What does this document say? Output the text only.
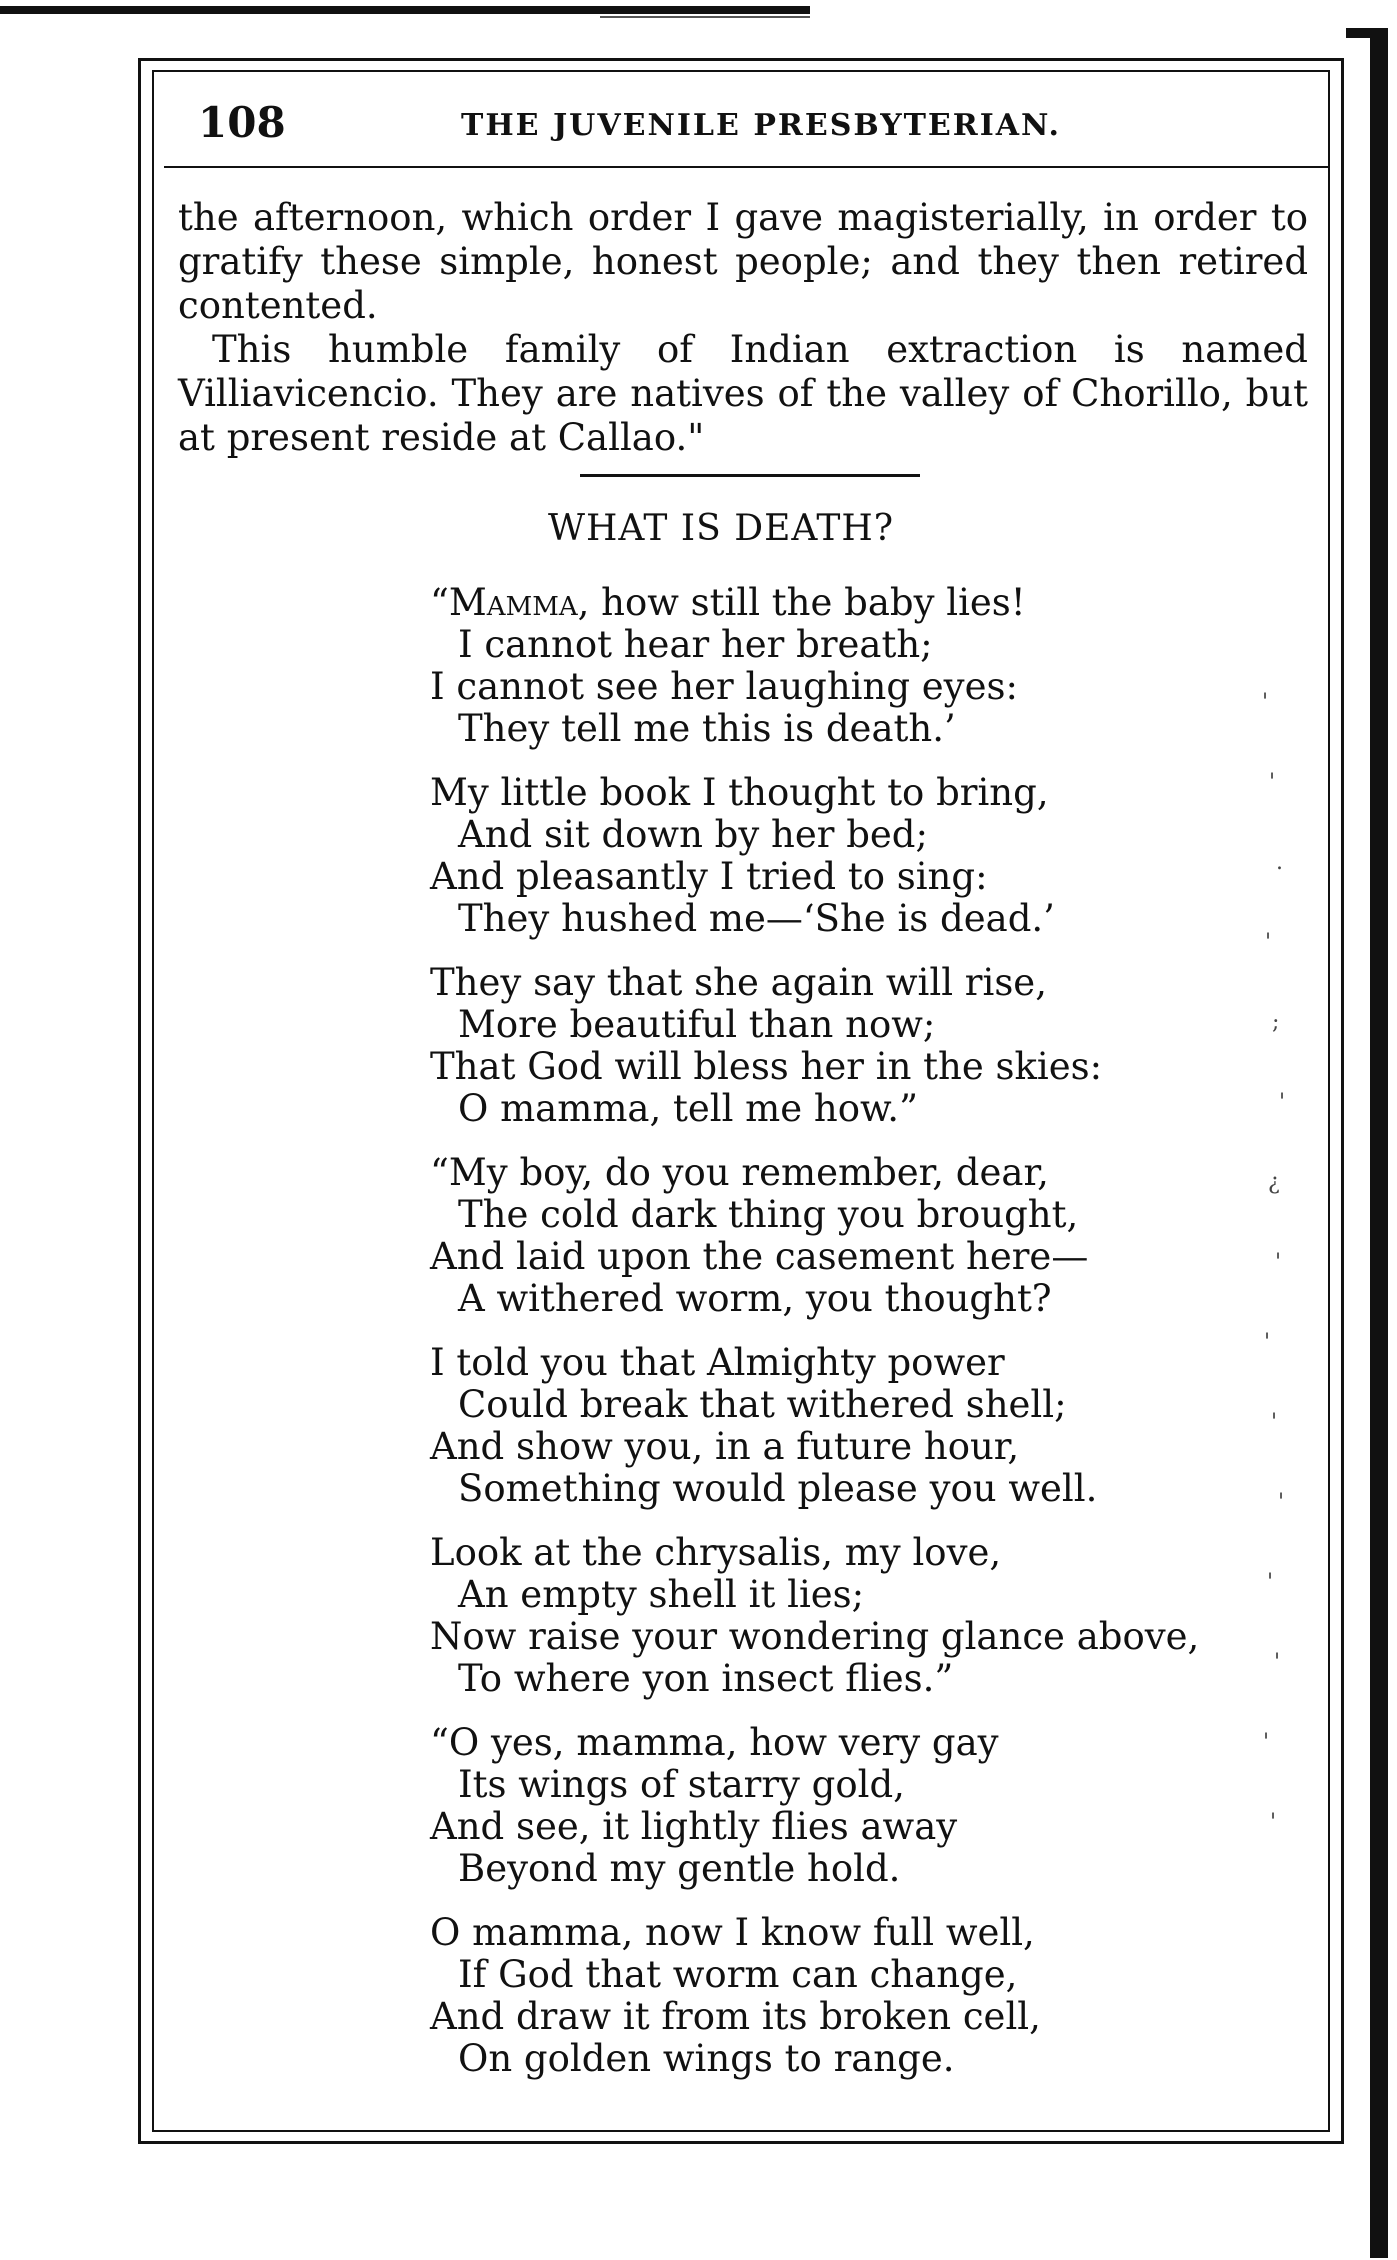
108	THE JUVENILE PRESBYTERIAN.

the afternoon, which order I gave magisterially, in order to gratify these simple, honest people; and they then retired contented.

This humble family of Indian extraction is named Villiavicencio. They are natives of the valley of Chorillo, but at present reside at Callao."

WHAT IS DEATH?
“Mamma, how still the baby lies!
I cannot hear her breath;
I cannot see her laughing eyes:
They tell me this is death.’
My little book I thought to bring,
And sit down by her bed;
And pleasantly I tried to sing:
They hushed me—‘She is dead.’
They say that she again will rise,
More beautiful than now;
That God will bless her in the skies:
O mamma, tell me how.”
“My boy, do you remember, dear,
The cold dark thing you brought,
And laid upon the casement here—
A withered worm, you thought?
I told you that Almighty power
Could break that withered shell;
And show you, in a future hour,
Something would please you well.
Look at the chrysalis, my love,
An empty shell it lies;
Now raise your wondering glance above,
To where yon insect flies.”
“O yes, mamma, how very gay
Its wings of starry gold,
And see, it lightly flies away
Beyond my gentle hold.
O mamma, now I know full well,
If God that worm can change,
And draw it from its broken cell,
On golden wings to range.
'
'
.
'
;
'
¿
'
'
'
'
'
'
'
'
